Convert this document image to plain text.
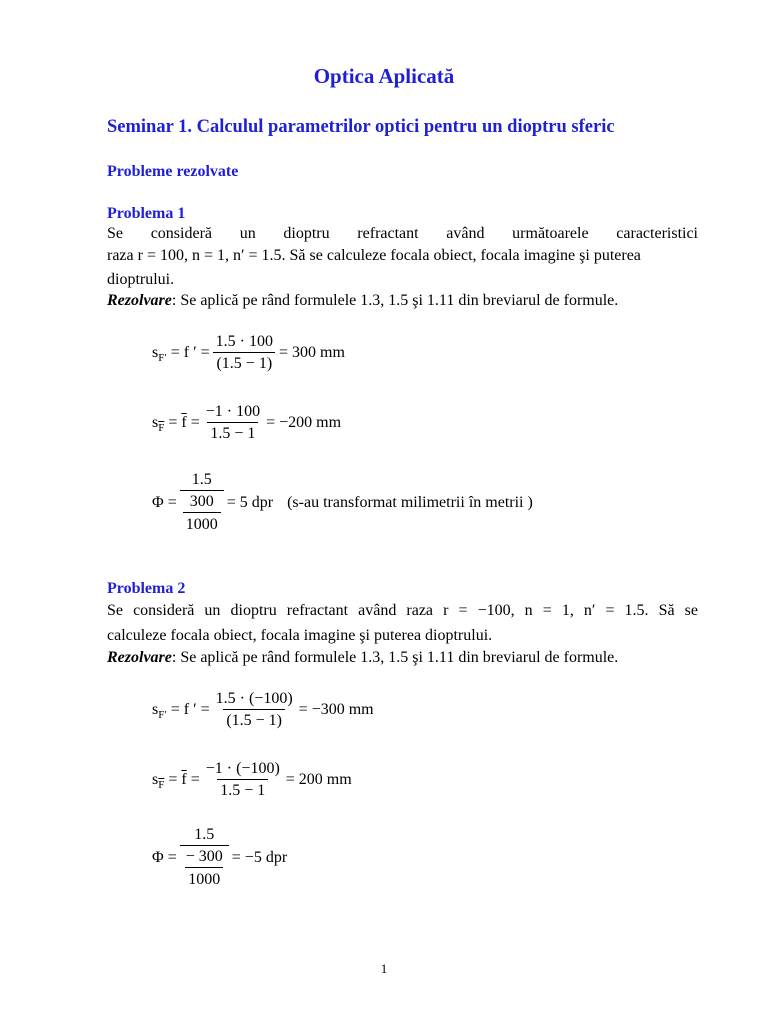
Optica Aplicată
Seminar 1. Calculul parametrilor optici pentru un dioptru sferic
Probleme rezolvate
Problema 1
Se consideră un dioptru refractant având următoarele caracteristici
raza r = 100, n = 1, n′ = 1.5. Să se calculeze focala obiect, focala imagine şi puterea
dioptrului.
Rezolvare: Se aplică pe rând formulele 1.3, 1.5 şi 1.11 din breviarul de formule.
s F′ = f ′ = $\frac{1.5 \cdot 100}{(1.5 - 1)} = 300$ mm
s $\overline{F} = \overline{f} = \frac{-1 \cdot 100}{1.5 - 1} = -200$ mm
$\Phi = \frac{1.5}{\frac{300}{1000}} = 5$ dpr (s-au transformat milimetrii în metrii )
Problema 2
Se consideră un dioptru refractant având raza r = −100, n = 1, n′ = 1.5. Să se
calculeze focala obiect, focala imagine şi puterea dioptrului.
Rezolvare: Se aplică pe rând formulele 1.3, 1.5 şi 1.11 din breviarul de formule.
s F′ = f ′ = $\frac{1.5 \cdot (-100)}{(1.5 - 1)} = -300$ mm
s $\overline{F} = \overline{f} = \frac{-1 \cdot (-100)}{1.5 - 1} = 200$ mm
$\Phi = \frac{1.5}{\frac{- 300}{1000}} = -5$ dpr
1
